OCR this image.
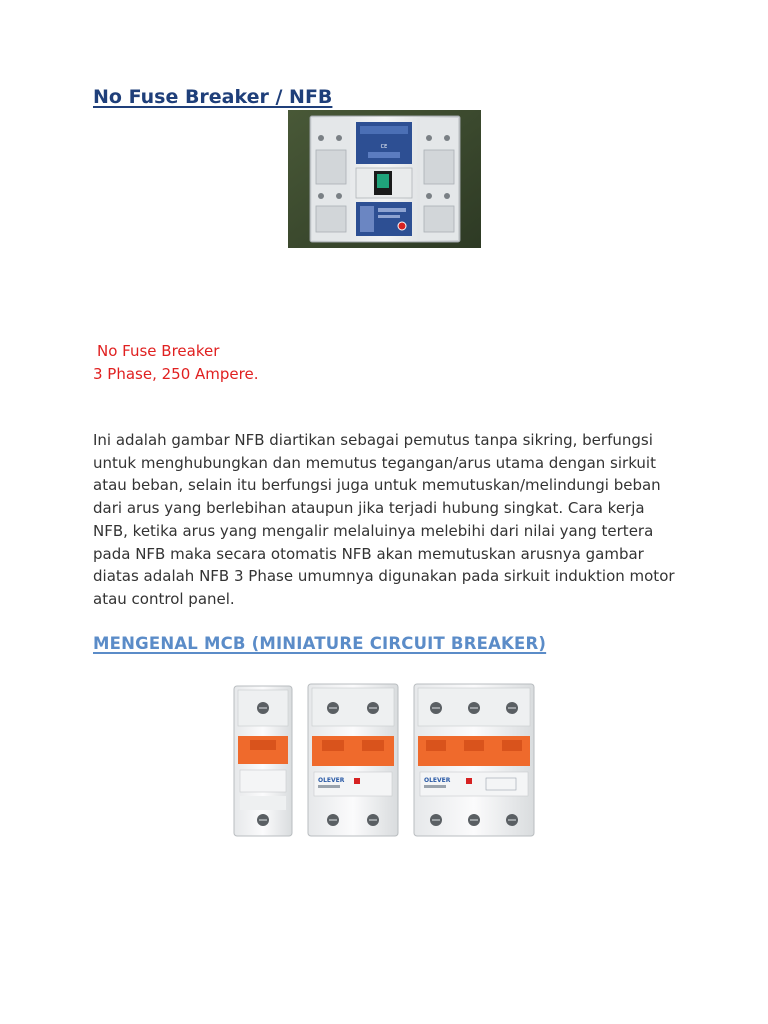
No Fuse Breaker / NFB
CE
No Fuse Breaker
3 Phase, 250 Ampere.

Ini adalah gambar NFB diartikan sebagai pemutus tanpa sikring, berfungsi untuk menghubungkan dan memutus tegangan/arus utama dengan sirkuit atau beban, selain itu berfungsi juga untuk memutuskan/melindungi beban dari arus yang berlebihan ataupun jika terjadi hubung singkat. Cara kerja NFB, ketika arus yang mengalir melaluinya melebihi dari nilai yang tertera pada NFB maka secara otomatis NFB akan memutuskan arusnya gambar diatas adalah NFB 3 Phase umumnya digunakan pada sirkuit induktion motor atau control panel.

MENGENAL MCB (MINIATURE CIRCUIT BREAKER)
OLEVER	OLEVER
